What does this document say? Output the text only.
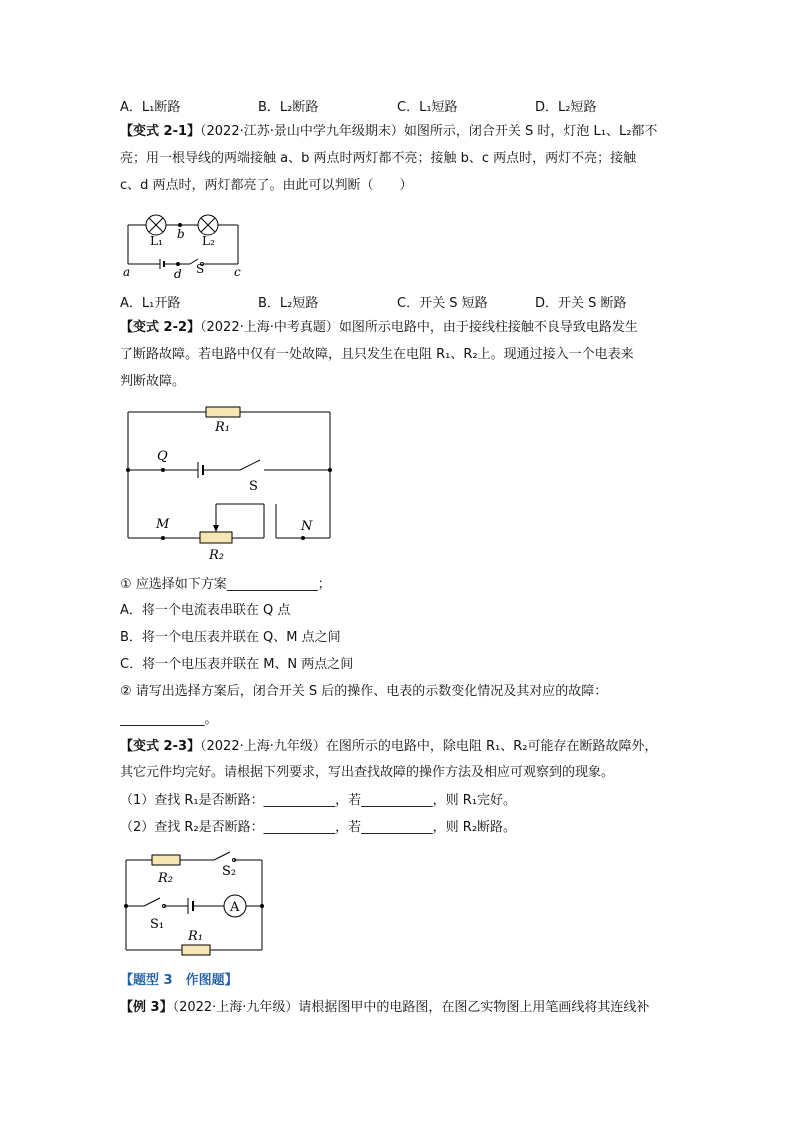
A．L₁断路	B．L₂断路	C．L₁短路	D．L₂短路
【变式 2-1】（2022·江苏·景山中学九年级期末）如图所示，闭合开关 S 时，灯泡 L₁、L₂都不
亮；用一根导线的两端接触 a、b 两点时两灯都不亮；接触 b、c 两点时，两灯不亮；接触
c、d 两点时，两灯都亮了。由此可以判断（　　）
L₁	L₂
b
a	d S c
A．L₁开路	B．L₂短路	C．开关 S 短路	D．开关 S 断路
【变式 2-2】（2022·上海·中考真题）如图所示电路中，由于接线柱接触不良导致电路发生
了断路故障。若电路中仅有一处故障，且只发生在电阻 R₁、R₂上。现通过接入一个电表来
判断故障。
R₁
Q
S
M	N
R₂
① 应选择如下方案______________；
A．将一个电流表串联在 Q 点
B．将一个电压表并联在 Q、M 点之间
C．将一个电压表并联在 M、N 两点之间
② 请写出选择方案后，闭合开关 S 后的操作、电表的示数变化情况及其对应的故障：
_____________。
【变式 2-3】（2022·上海·九年级）在图所示的电路中，除电阻 R₁、R₂可能存在断路故障外，
其它元件均完好。请根据下列要求，写出查找故障的操作方法及相应可观察到的现象。
（1）查找 R₁是否断路：___________，若___________，则 R₁完好。
（2）查找 R₂是否断路：___________，若___________，则 R₂断路。
R₂	S₂
S₁
A
R₁
【题型 3　作图题】
【例 3】（2022·上海·九年级）请根据图甲中的电路图，在图乙实物图上用笔画线将其连线补
